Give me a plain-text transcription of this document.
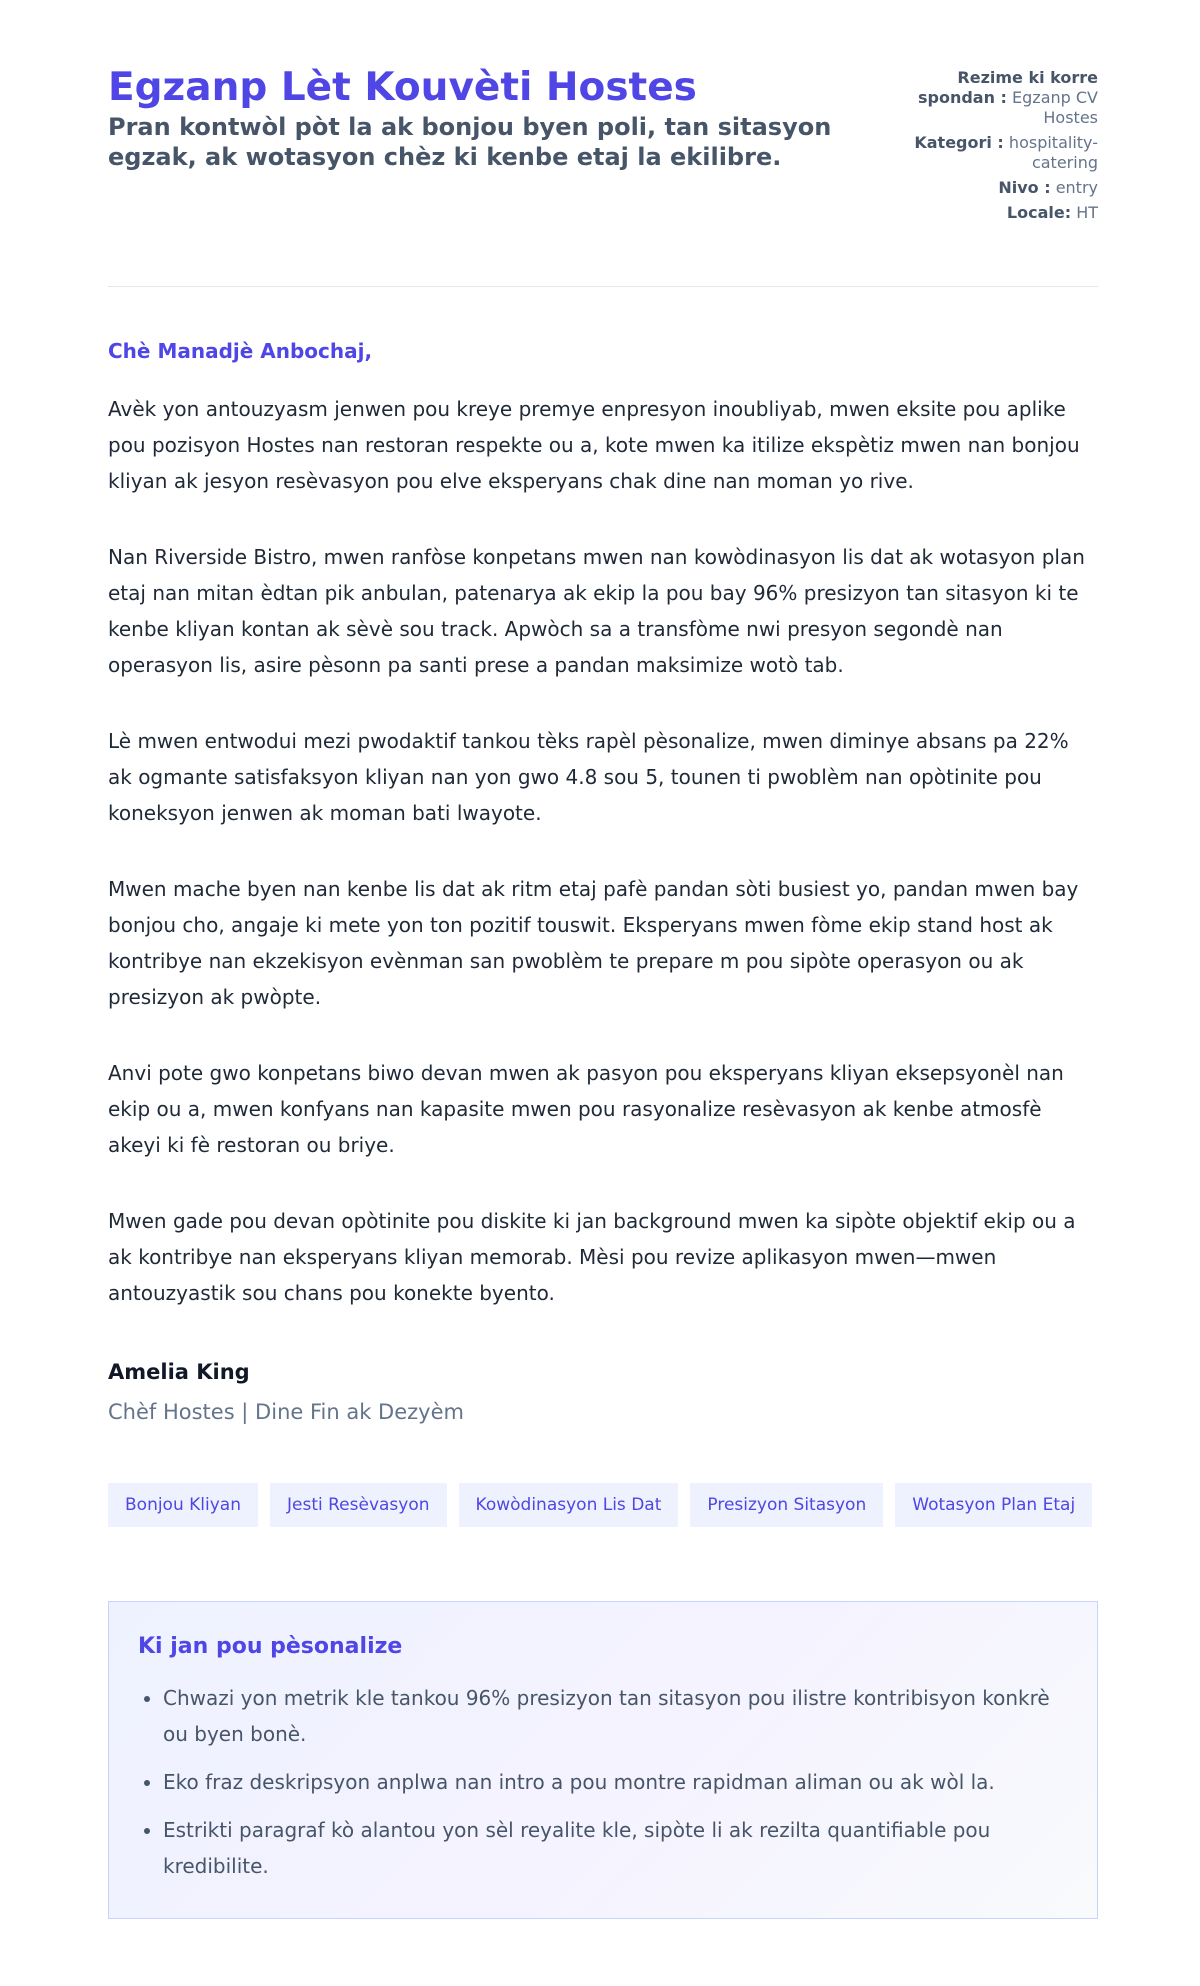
Egzanp Lèt Kouvèti Hostes

Pran kontwòl pòt la ak bonjou byen poli, tan sitasyon egzak, ak wotasyon chèz ki kenbe etaj la ekilibre.

Rezime ki korre spondan : Egzanp CV Hostes
Kategori : hospitality-catering
Nivo : entry
Locale: HT

Chè Manadjè Anbochaj,

Avèk yon antouzyasm jenwen pou kreye premye enpresyon inoubliyab, mwen eksite pou aplike pou pozisyon Hostes nan restoran respekte ou a, kote mwen ka itilize ekspètiz mwen nan bonjou kliyan ak jesyon resèvasyon pou elve eksperyans chak dine nan moman yo rive.

Nan Riverside Bistro, mwen ranfòse konpetans mwen nan kowòdinasyon lis dat ak wotasyon plan etaj nan mitan èdtan pik anbulan, patenarya ak ekip la pou bay 96% presizyon tan sitasyon ki te kenbe kliyan kontan ak sèvè sou track. Apwòch sa a transfòme nwi presyon segondè nan operasyon lis, asire pèsonn pa santi prese a pandan maksimize wotò tab.

Lè mwen entwodui mezi pwodaktif tankou tèks rapèl pèsonalize, mwen diminye absans pa 22% ak ogmante satisfaksyon kliyan nan yon gwo 4.8 sou 5, tounen ti pwoblèm nan opòtinite pou koneksyon jenwen ak moman bati lwayote.

Mwen mache byen nan kenbe lis dat ak ritm etaj pafè pandan sòti busiest yo, pandan mwen bay bonjou cho, angaje ki mete yon ton pozitif touswit. Eksperyans mwen fòme ekip stand host ak kontribye nan ekzekisyon evènman san pwoblèm te prepare m pou sipòte operasyon ou ak presizyon ak pwòpte.

Anvi pote gwo konpetans biwo devan mwen ak pasyon pou eksperyans kliyan eksepsyonèl nan ekip ou a, mwen konfyans nan kapasite mwen pou rasyonalize resèvasyon ak kenbe atmosfè akeyi ki fè restoran ou briye.

Mwen gade pou devan opòtinite pou diskite ki jan background mwen ka sipòte objektif ekip ou a ak kontribye nan eksperyans kliyan memorab. Mèsi pou revize aplikasyon mwen—mwen antouzyastik sou chans pou konekte byento.

Amelia King
Chèf Hostes | Dine Fin ak Dezyèm
Bonjou Kliyan	Jesti Resèvasyon	Kowòdinasyon Lis Dat	Presizyon Sitasyon	Wotasyon Plan Etaj
Ki jan pou pèsonalize
• Chwazi yon metrik kle tankou 96% presizyon tan sitasyon pou ilistre kontribisyon konkrè ou byen bonè.
• Eko fraz deskripsyon anplwa nan intro a pou montre rapidman aliman ou ak wòl la.
• Estrikti paragraf kò alantou yon sèl reyalite kle, sipòte li ak rezilta quantifiable pou kredibilite.
